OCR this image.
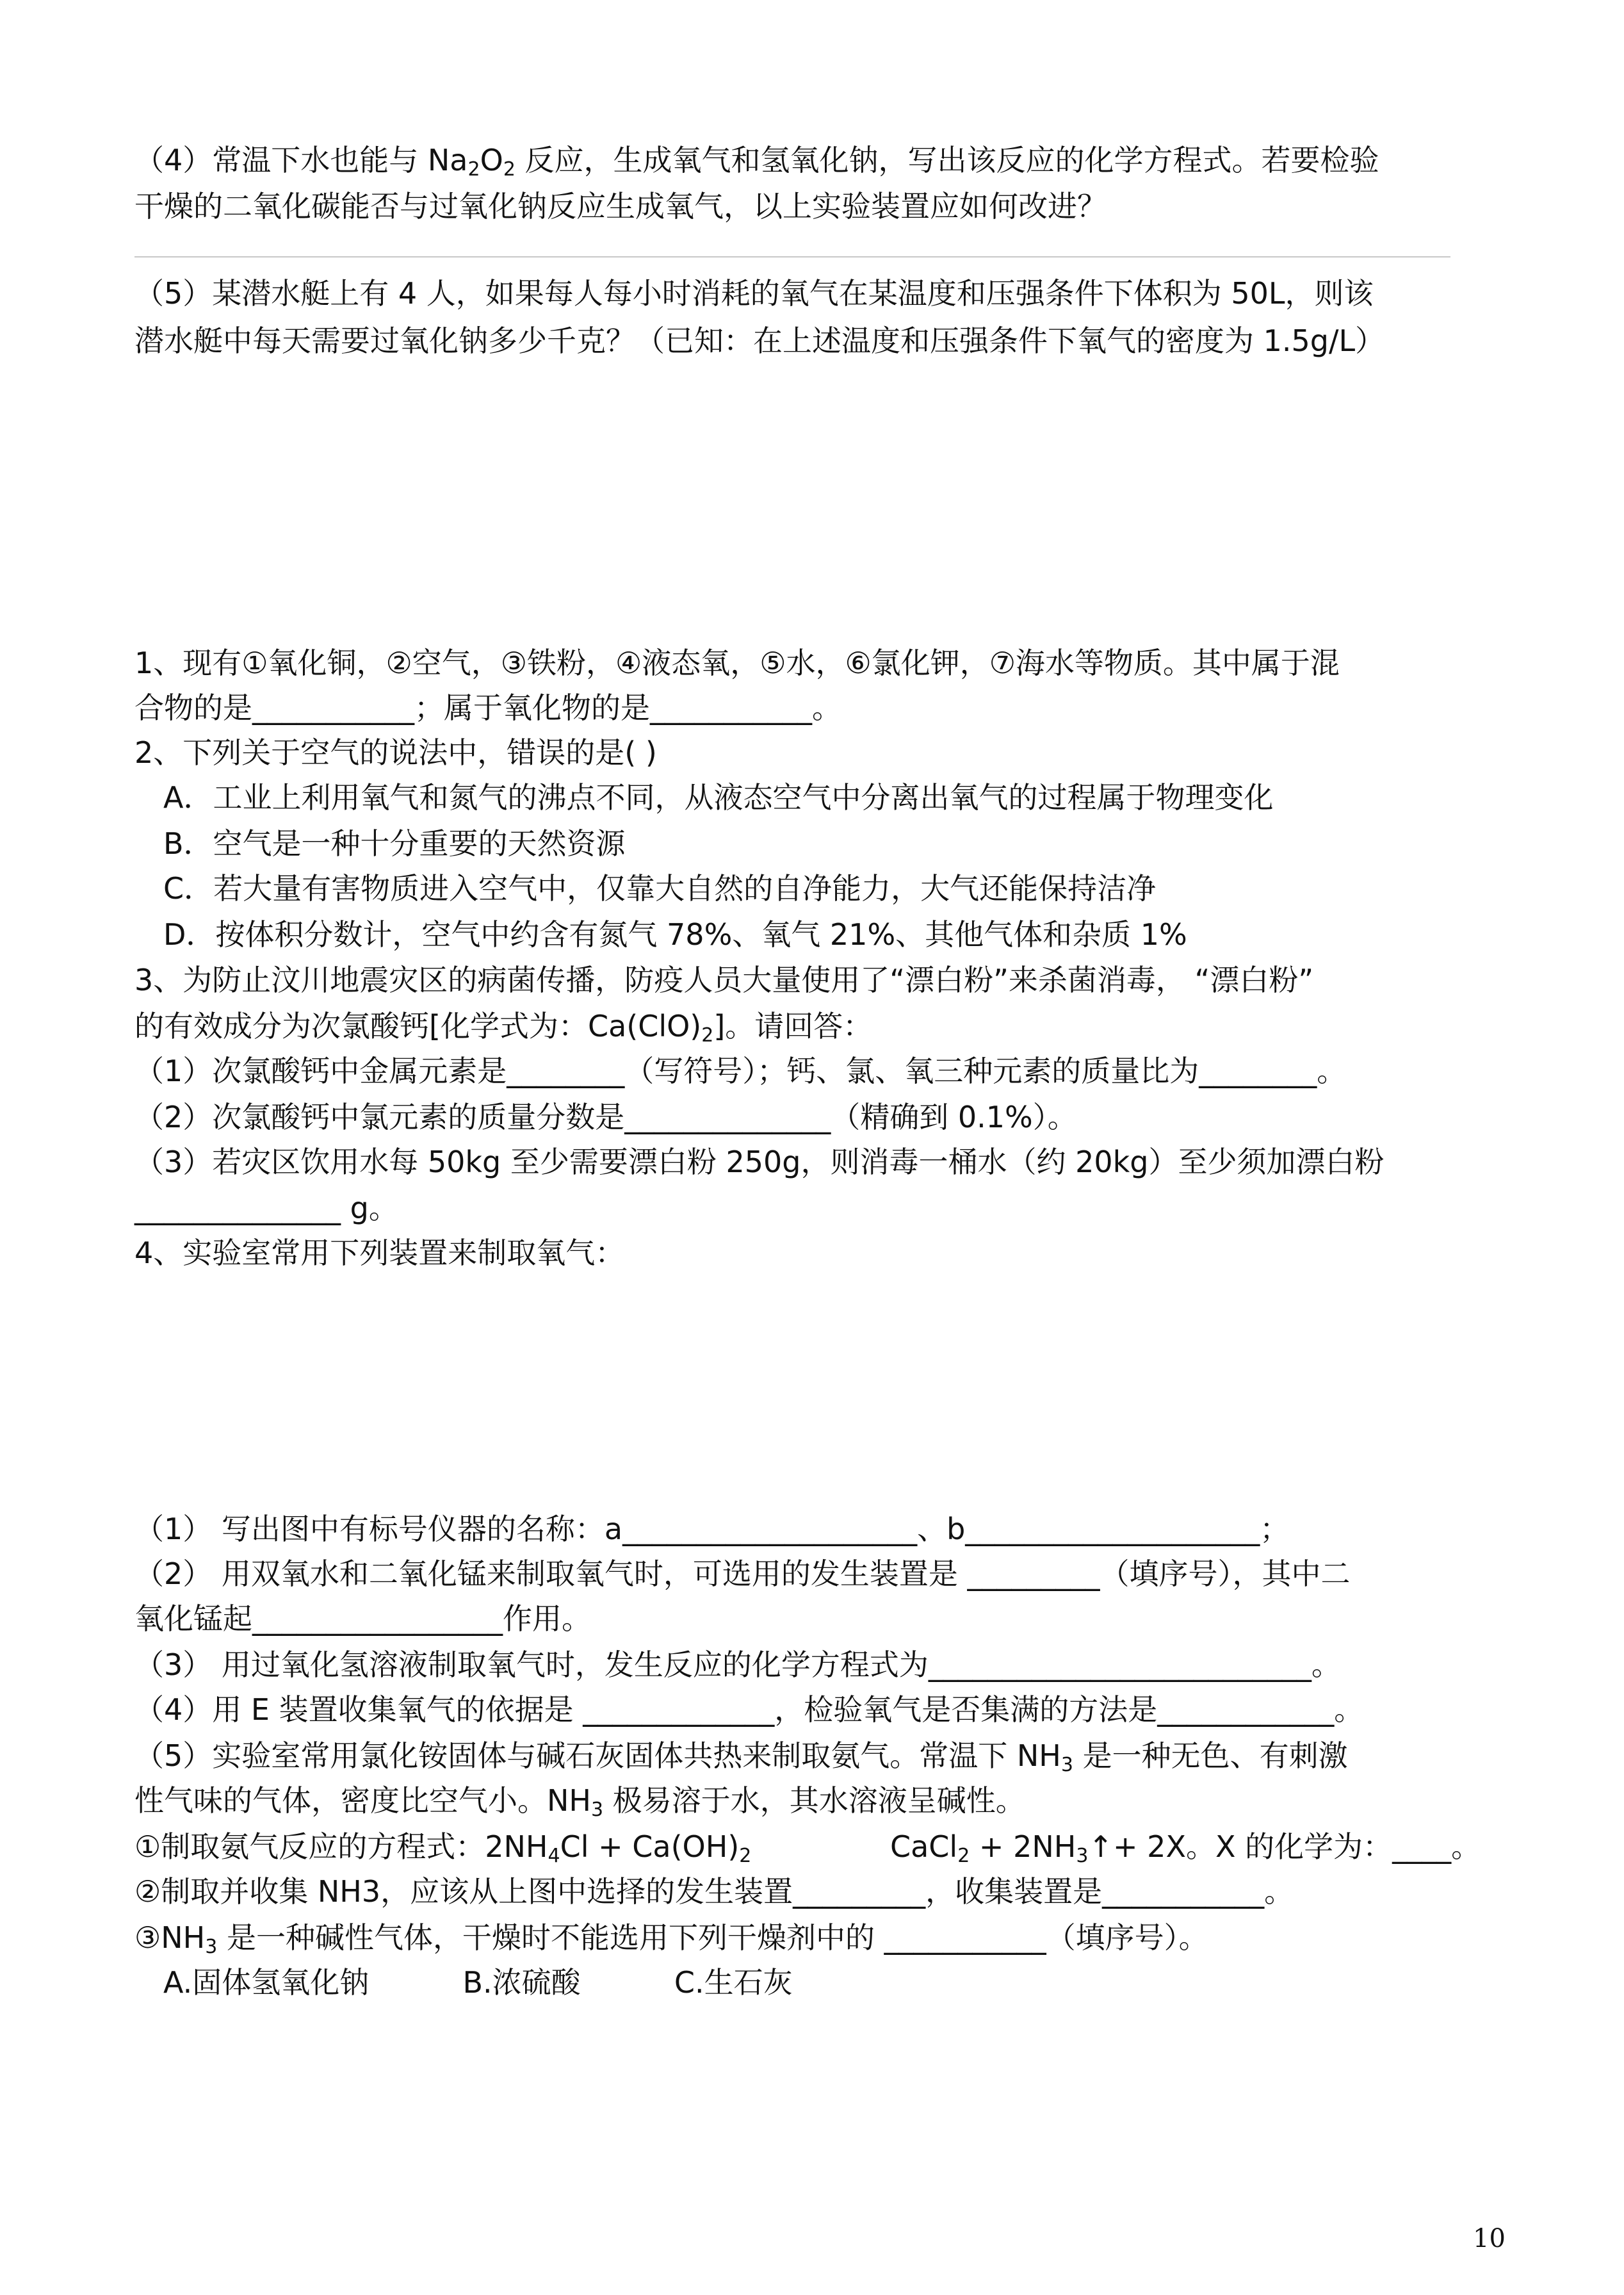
（4）常温下水也能与 $Na_2O_2$ 反应，生成氧气和氢氧化钠，写出该反应的化学方程式。若要检验
干燥的二氧化碳能否与过氧化钠反应生成氧气，以上实验装置应如何改进？
（5）某潜水艇上有 4 人，如果每人每小时消耗的氧气在某温度和压强条件下体积为 50L，则该
潜水艇中每天需要过氧化钠多少千克？（已知：在上述温度和压强条件下氧气的密度为 1.5g/L）
1、现有①氧化铜，②空气，③铁粉，④液态氧，⑤水，⑥氯化钾，⑦海水等物质。其中属于混
合物的是___________；属于氧化物的是___________。
2、下列关于空气的说法中，错误的是( )
A．工业上利用氧气和氮气的沸点不同，从液态空气中分离出氧气的过程属于物理变化
B．空气是一种十分重要的天然资源
C．若大量有害物质进入空气中，仅靠大自然的自净能力，大气还能保持洁净
D．按体积分数计，空气中约含有氮气 78%、氧气 21%、其他气体和杂质 1%
3、为防止汶川地震灾区的病菌传播，防疫人员大量使用了“漂白粉”来杀菌消毒， “漂白粉”
的有效成分为次氯酸钙[化学式为：$Ca(ClO)_2$]。请回答：
（1）次氯酸钙中金属元素是________（写符号）；钙、氯、氧三种元素的质量比为________。
（2）次氯酸钙中氯元素的质量分数是______________（精确到 0.1%）。
（3）若灾区饮用水每 50kg 至少需要漂白粉 250g，则消毒一桶水（约 20kg）至少须加漂白粉
______________ g。
4、实验室常用下列装置来制取氧气：
（1） 写出图中有标号仪器的名称：a____________________、b____________________；
（2） 用双氧水和二氧化锰来制取氧气时，可选用的发生装置是 _________（填序号），其中二
氧化锰起_________________作用。
（3） 用过氧化氢溶液制取氧气时，发生反应的化学方程式为__________________________。
（4）用 E 装置收集氧气的依据是 _____________，检验氧气是否集满的方法是____________。
（5）实验室常用氯化铵固体与碱石灰固体共热来制取氨气。常温下 $NH_3$ 是一种无色、有刺激
性气味的气体，密度比空气小。$NH_3$ 极易溶于水，其水溶液呈碱性。
①制取氨气反应的方程式：$2NH_4Cl + Ca(OH)_2$	CaCl$_2$ + $2NH_3↑+ 2X$。X 的化学为：____。
②制取并收集 NH3，应该从上图中选择的发生装置_________，收集装置是___________。
$③NH_3$ 是一种碱性气体，干燥时不能选用下列干燥剂中的 ___________（填序号）。
A.固体氢氧化钠          B.浓硫酸          C.生石灰
10
